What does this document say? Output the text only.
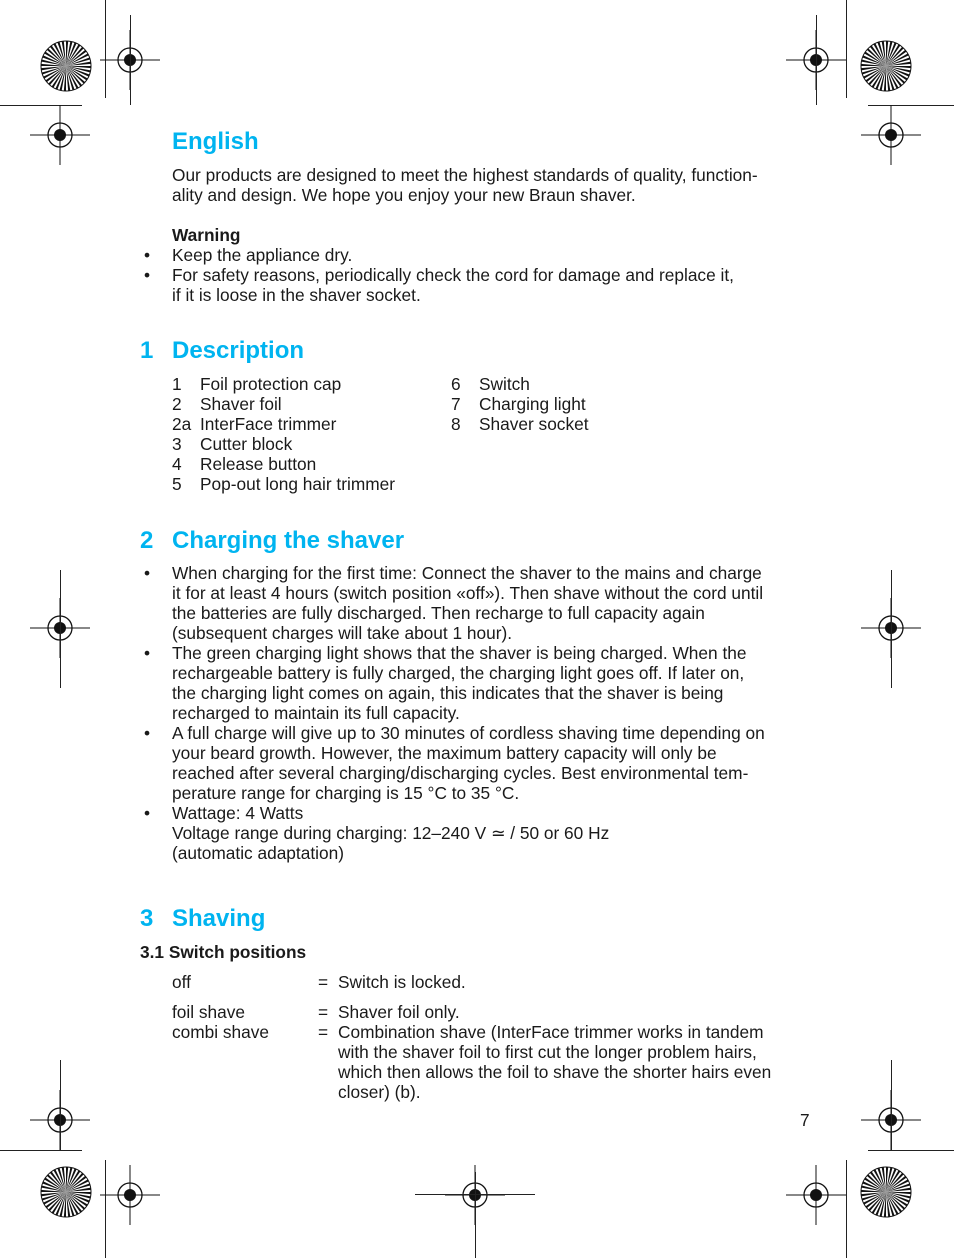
English

Our products are designed to meet the highest standards of quality, function-
ality and design. We hope you enjoy your new Braun shaver.

Warning

• Keep the appliance dry.
• For safety reasons, periodically check the cord for damage and replace it,
if it is loose in the shaver socket.
1 Description
1	Foil protection cap
2	Shaver foil
2a InterFace trimmer
3	Cutter block
4	Release button
5	Pop-out long hair trimmer
6	Switch
7	Charging light
8	Shaver socket
2 Charging the shaver
• When charging for the first time: Connect the shaver to the mains and charge
it for at least 4 hours (switch position «off»). Then shave without the cord until
the batteries are fully discharged. Then recharge to full capacity again
(subsequent charges will take about 1 hour).
• The green charging light shows that the shaver is being charged. When the
rechargeable battery is fully charged, the charging light goes off. If later on,
the charging light comes on again, this indicates that the shaver is being
recharged to maintain its full capacity.
• A full charge will give up to 30 minutes of cordless shaving time depending on
your beard growth. However, the maximum battery capacity will only be
reached after several charging/discharging cycles. Best environmental tem-
perature range for charging is 15 °C to 35 °C.
• Wattage: 4 Watts
Voltage range during charging: 12–240 V ≃ / 50 or 60 Hz
(automatic adaptation)
3 Shaving

3.1 Switch positions

off	= Switch is locked.
foil shave	= Shaver foil only.
combi shave	= Combination shave (InterFace trimmer works in tandem
with the shaver foil to first cut the longer problem hairs,
which then allows the foil to shave the shorter hairs even
closer) (b).

7
